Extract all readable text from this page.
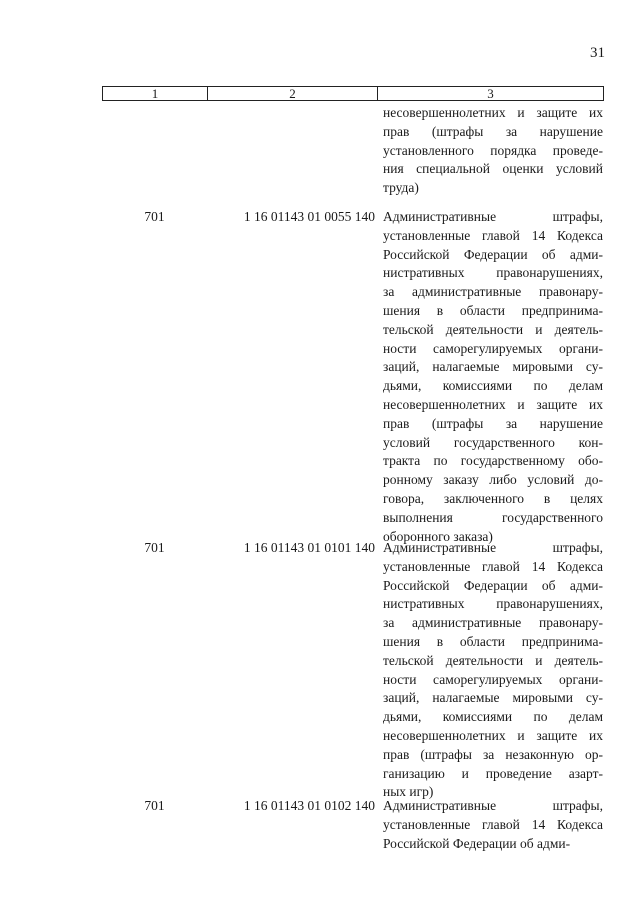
31
1	2	3
несовершеннолетних и защите их
прав (штрафы за нарушение
установленного порядка проведе-
ния специальной оценки условий
труда)
701	1 16 01143 01 0055 140 Административные штрафы,
установленные главой 14 Кодекса
Российской Федерации об адми-
нистративных правонарушениях,
за административные правонару-
шения в области предпринима-
тельской деятельности и деятель-
ности саморегулируемых органи-
заций, налагаемые мировыми су-
дьями, комиссиями по делам
несовершеннолетних и защите их
прав (штрафы за нарушение
условий государственного кон-
тракта по государственному обо-
ронному заказу либо условий до-
говора, заключенного в целях
выполнения государственного
оборонного заказа)
701	1 16 01143 01 0101 140 Административные штрафы,
установленные главой 14 Кодекса
Российской Федерации об адми-
нистративных правонарушениях,
за административные правонару-
шения в области предпринима-
тельской деятельности и деятель-
ности саморегулируемых органи-
заций, налагаемые мировыми су-
дьями, комиссиями по делам
несовершеннолетних и защите их
прав (штрафы за незаконную ор-
ганизацию и проведение азарт-
ных игр)
701	1 16 01143 01 0102 140 Административные штрафы,
установленные главой 14 Кодекса
Российской Федерации об адми-
